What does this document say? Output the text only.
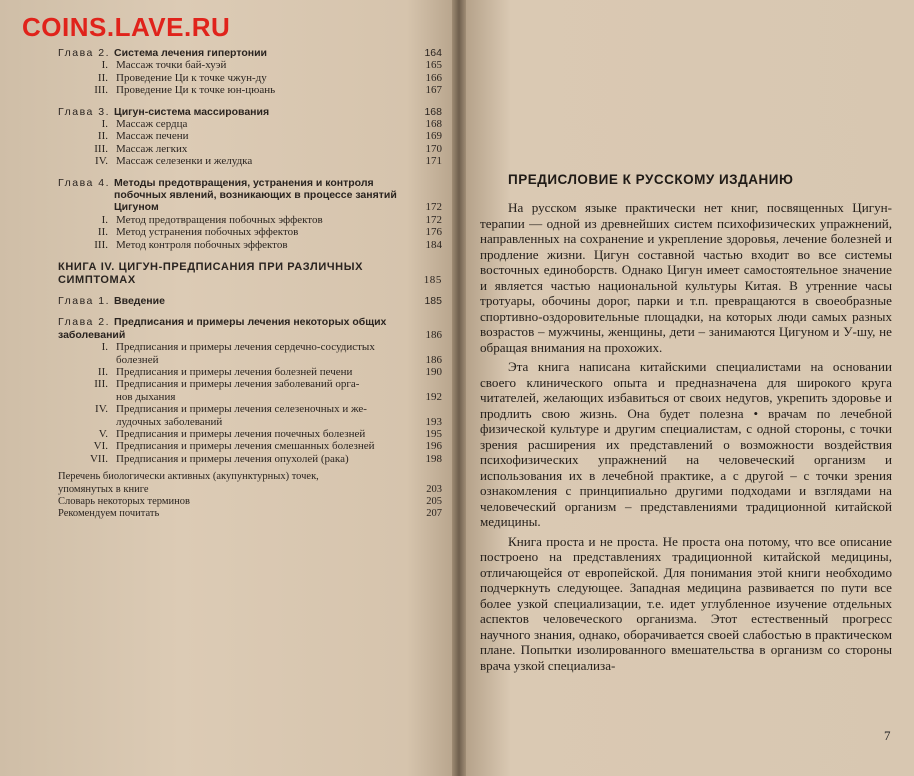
COINS.LAVE.RU
Глава 2. Система лечения гипертонии	164
I. Массаж точки бай-хуэй	165
II. Проведение Ци к точке чжун-ду	166
III. Проведение Ци к точке юн-цюань	167
Глава 3. Цигун-система массирования	168
I. Массаж сердца	168
II. Массаж печени	169
III. Массаж легких	170
IV. Массаж селезенки и желудка	171
Глава 4. Методы предотвращения, устранения и контроля
побочных явлений, возникающих в процессе занятий Цигуном	172
I. Метод предотвращения побочных эффектов	172
II. Метод устранения побочных эффектов	176
III. Метод контроля побочных эффектов	184
КНИГА IV. ЦИГУН-ПРЕДПИСАНИЯ ПРИ РАЗЛИЧНЫХ
СИМПТОМАХ	185
Глава 1. Введение	185
Глава 2. Предписания и примеры лечения некоторых общих
заболеваний	186
I. Предписания и примеры лечения сердечно-сосудистых
болезней	186
II. Предписания и примеры лечения болезней печени	190
III. Предписания и примеры лечения заболеваний орга-
нов дыхания	192
IV. Предписания и примеры лечения селезеночных и же-
лудочных заболеваний	193
V. Предписания и примеры лечения почечных болезней	195
VI. Предписания и примеры лечения смешанных болезней	196
VII. Предписания и примеры лечения опухолей (рака)	198
Перечень биологически активных (акупунктурных) точек,
упомянутых в книге	203
Словарь некоторых терминов	205
Рекомендуем почитать	207
ПРЕДИСЛОВИЕ К РУССКОМУ ИЗДАНИЮ

На русском языке практически нет книг, посвященных Цигун-терапии — одной из древнейших систем психофизических упражнений, направленных на сохранение и укрепление здоровья, лечение болезней и продление жизни. Цигун составной частью входит во все системы восточных единоборств. Однако Цигун имеет самостоятельное значение и является частью национальной культуры Китая. В утренние часы тротуары, обочины дорог, парки и т.п. превращаются в своеобразные спортивно-оздоровительные площадки, на которых люди самых разных возрастов – мужчины, женщины, дети – занимаются Цигуном и У-шу, не обращая внимания на прохожих.

Эта книга написана китайскими специалистами на основании своего клинического опыта и предназначена для широкого круга читателей, желающих избавиться от своих недугов, укрепить здоровье и продлить свою жизнь. Она будет полезна • врачам по лечебной физической культуре и другим специалистам, с одной стороны, с точки зрения расширения их представлений о возможности воздействия психофизических упражнений на человеческий организм и использования их в лечебной практике, а с другой – с точки зрения ознакомления с принципиально другими подходами и взглядами на человеческий организм – представлениями традиционной китайской медицины.

Книга проста и не проста. Не проста она потому, что все описание построено на представлениях традиционной китайской медицины, отличающейся от европейской. Для понимания этой книги необходимо подчеркнуть следующее. Западная медицина развивается по пути все более узкой специализации, т.е. идет углубленное изучение отдельных аспектов человеческого организма. Этот естественный прогресс научного знания, однако, оборачивается своей слабостью в практическом плане. Попытки изолированного вмешательства в организм со стороны врача узкой специализа-

7
